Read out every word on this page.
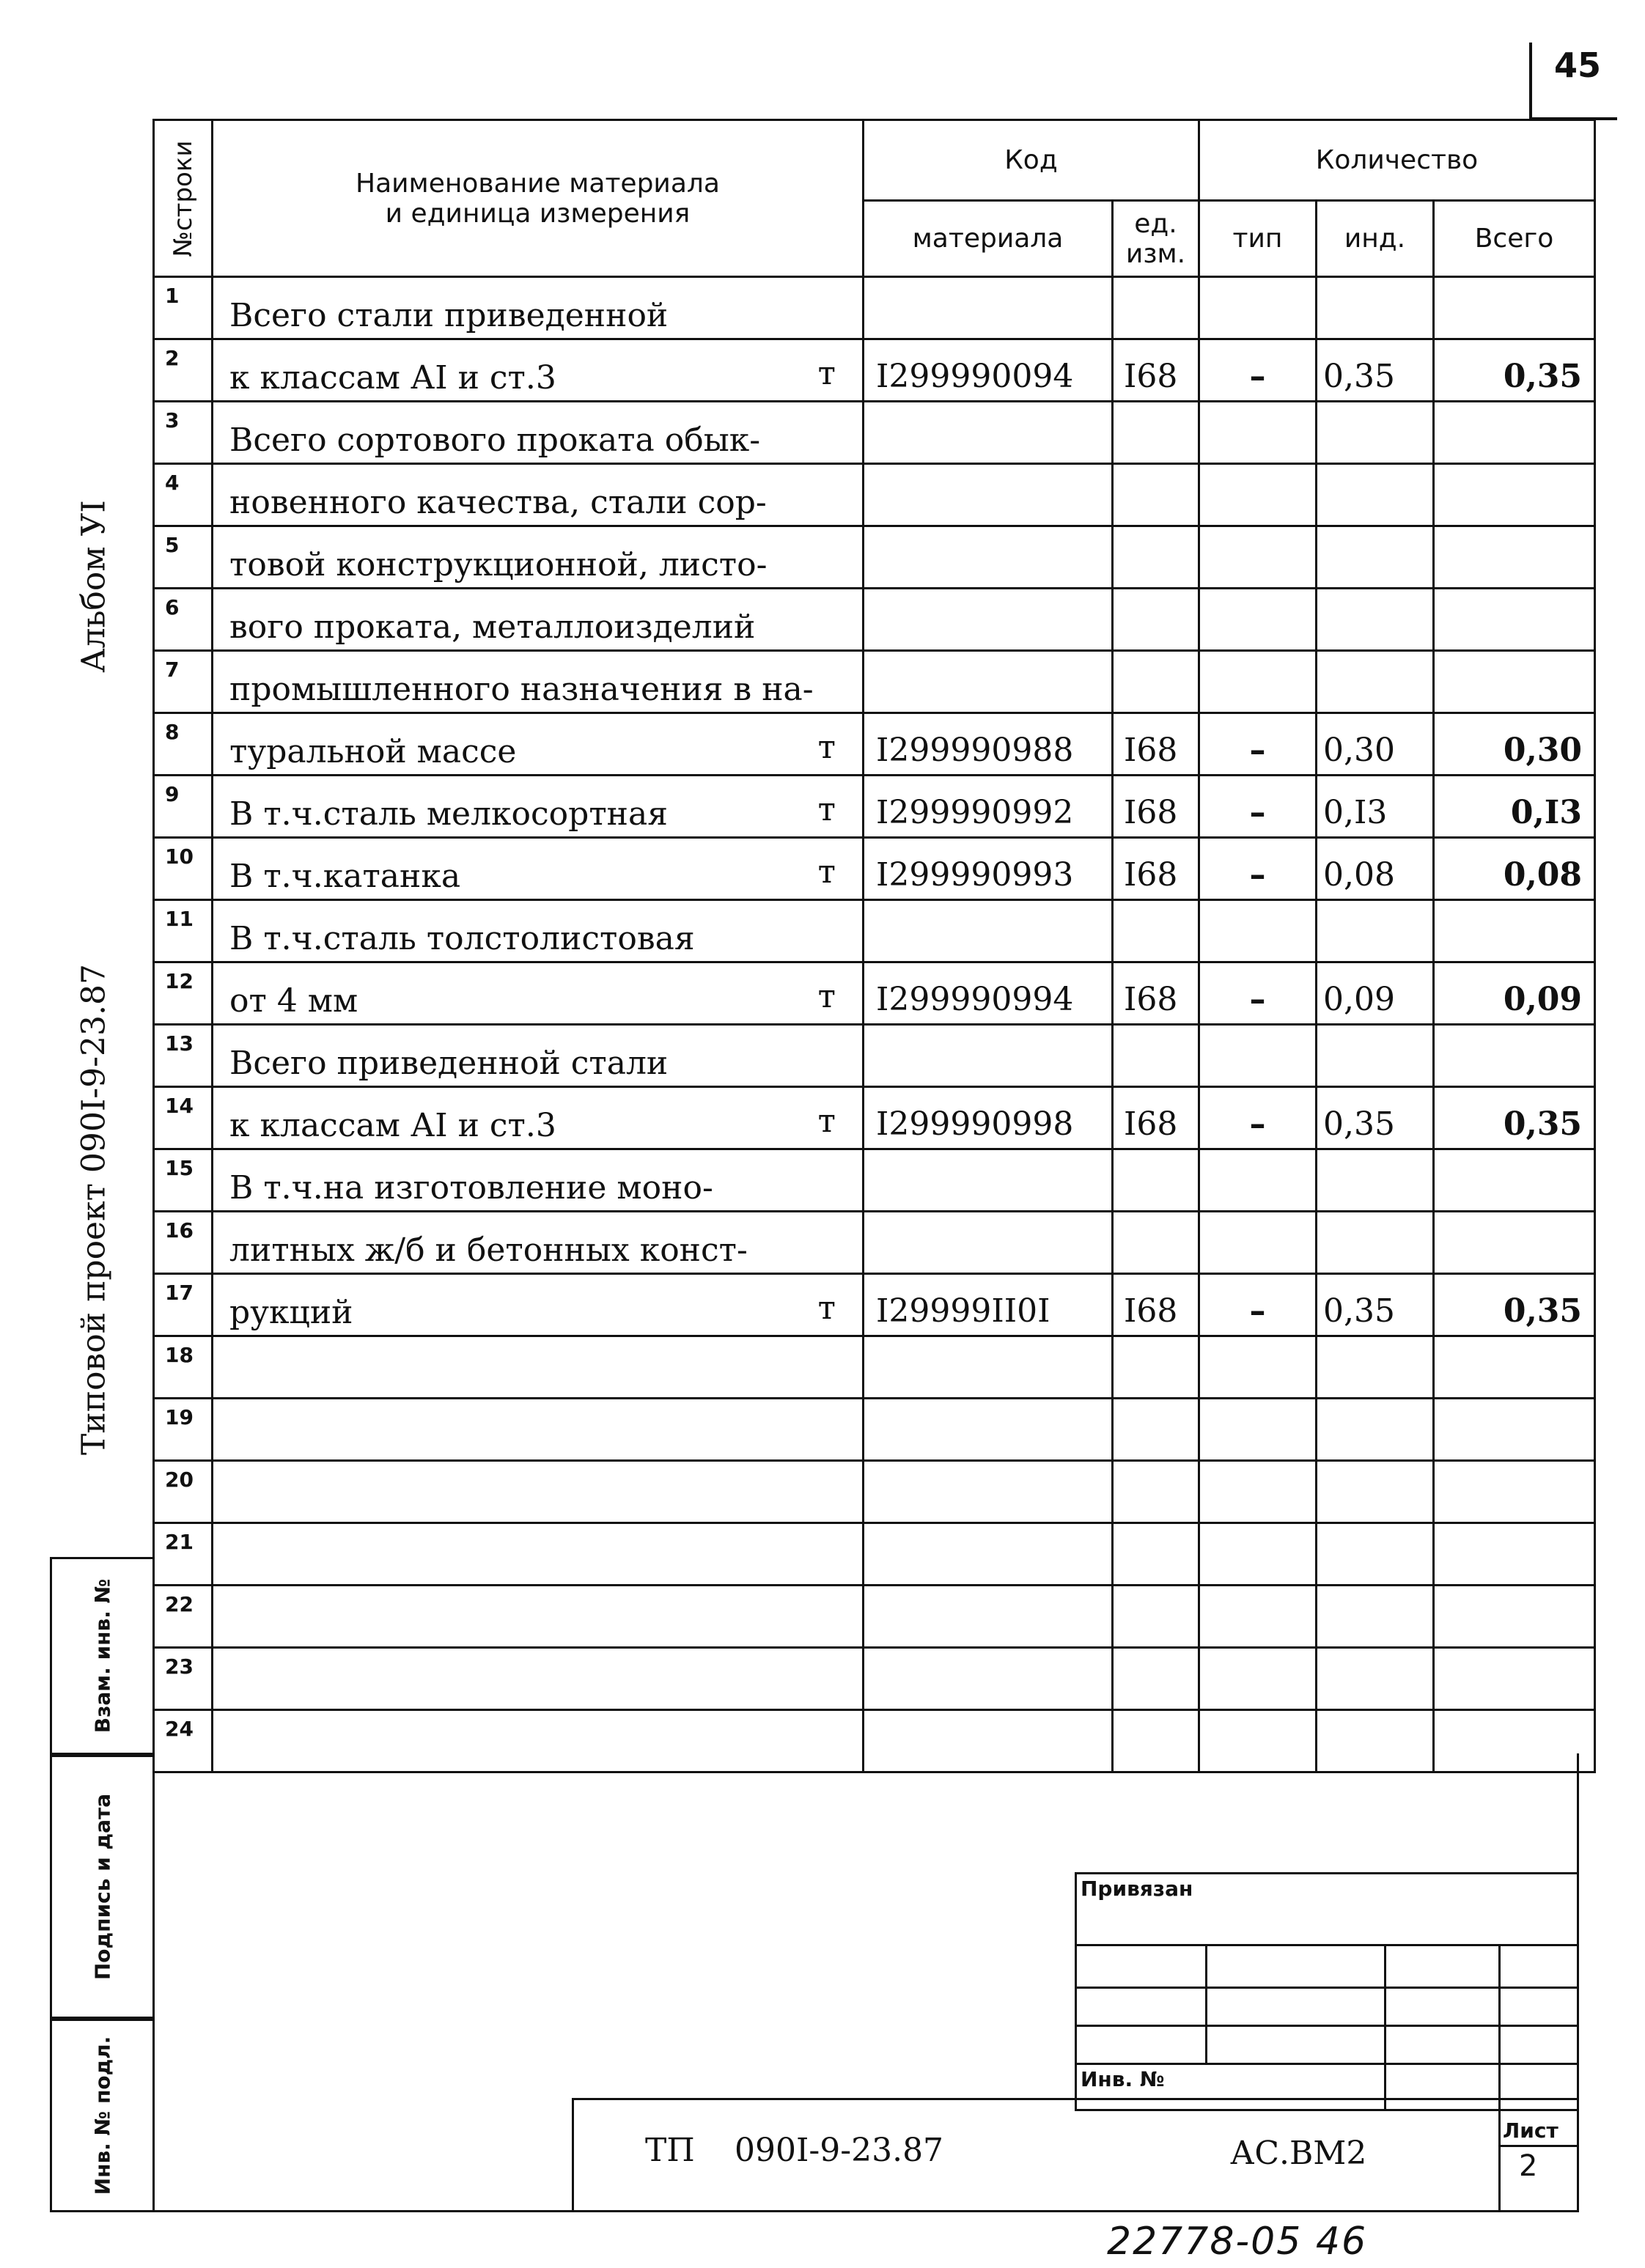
45
Альбом УI
Типовой проект 090I-9-23.87
Взам. инв. №
Подпись и дата
Инв. № подл.
№строки	Наименование материала
и единица измерения	Код		Количество		
		материала	ед. изм.	тип	инд.	Всего
1	Всего стали приведенной					

2	к классам АI и ст.3 т	I299990094	I68	–	0,35	0,35
3	Всего сортового проката обык-					

4	новенного качества, стали сор-					

5	товой конструкционной, листо-					

6	вого проката, металлоизделий					

7	промышленного назначения в на-					

8	туральной массе т	I299990988	I68	–	0,30	0,30
9	В т.ч.сталь мелкосортная т	I299990992	I68	–	0,I3	0,I3
10	В т.ч.катанка т	I299990993	I68	–	0,08	0,08
11	В т.ч.сталь толстолистовая					

12	от 4 мм т	I299990994	I68	–	0,09	0,09
13	Всего приведенной стали					

14	к классам АI и ст.3 т	I299990998	I68	–	0,35	0,35
15	В т.ч.на изготовление моно-					

16	литных ж/б и бетонных конст-					

17	рукций т	I29999II0I	I68	–	0,35	0,35
18	

19	

20	

21	

22	

23	

24	

Привязан
Инв. №
ТП 090I-9-23.87	АС.ВМ2
Лист
2
22778-05 46
